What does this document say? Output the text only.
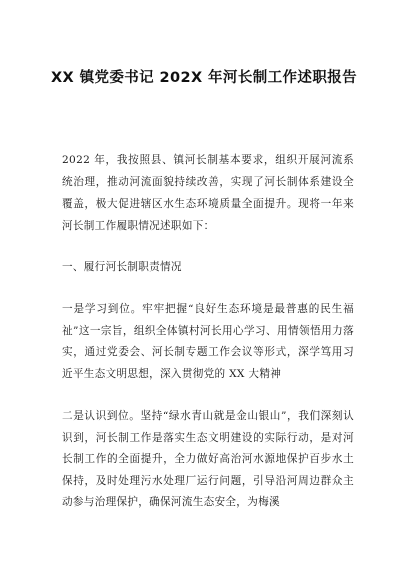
XX 镇党委书记 202X 年河长制工作述职报告
2022 年，我按照县、镇河长制基本要求，组织开展河流系统治理，推动河流面貌持续改善，实现了河长制体系建设全覆盖，极大促进辖区水生态环境质量全面提升。现将一年来河长制工作履职情况述职如下：
一、履行河长制职责情况
一是学习到位。牢牢把握“良好生态环境是最普惠的民生福祉”这一宗旨，组织全体镇村河长用心学习、用情领悟用力落实，通过党委会、河长制专题工作会议等形式，深学笃用习近平生态文明思想，深入贯彻党的 XX 大精神
二是认识到位。坚持“绿水青山就是金山银山”，我们深刻认识到，河长制工作是落实生态文明建设的实际行动，是对河长制工作的全面提升，全力做好高治河水源地保护百步水土保持，及时处理污水处理厂运行问题，引导沿河周边群众主动参与治理保护，确保河流生态安全，为梅溪
